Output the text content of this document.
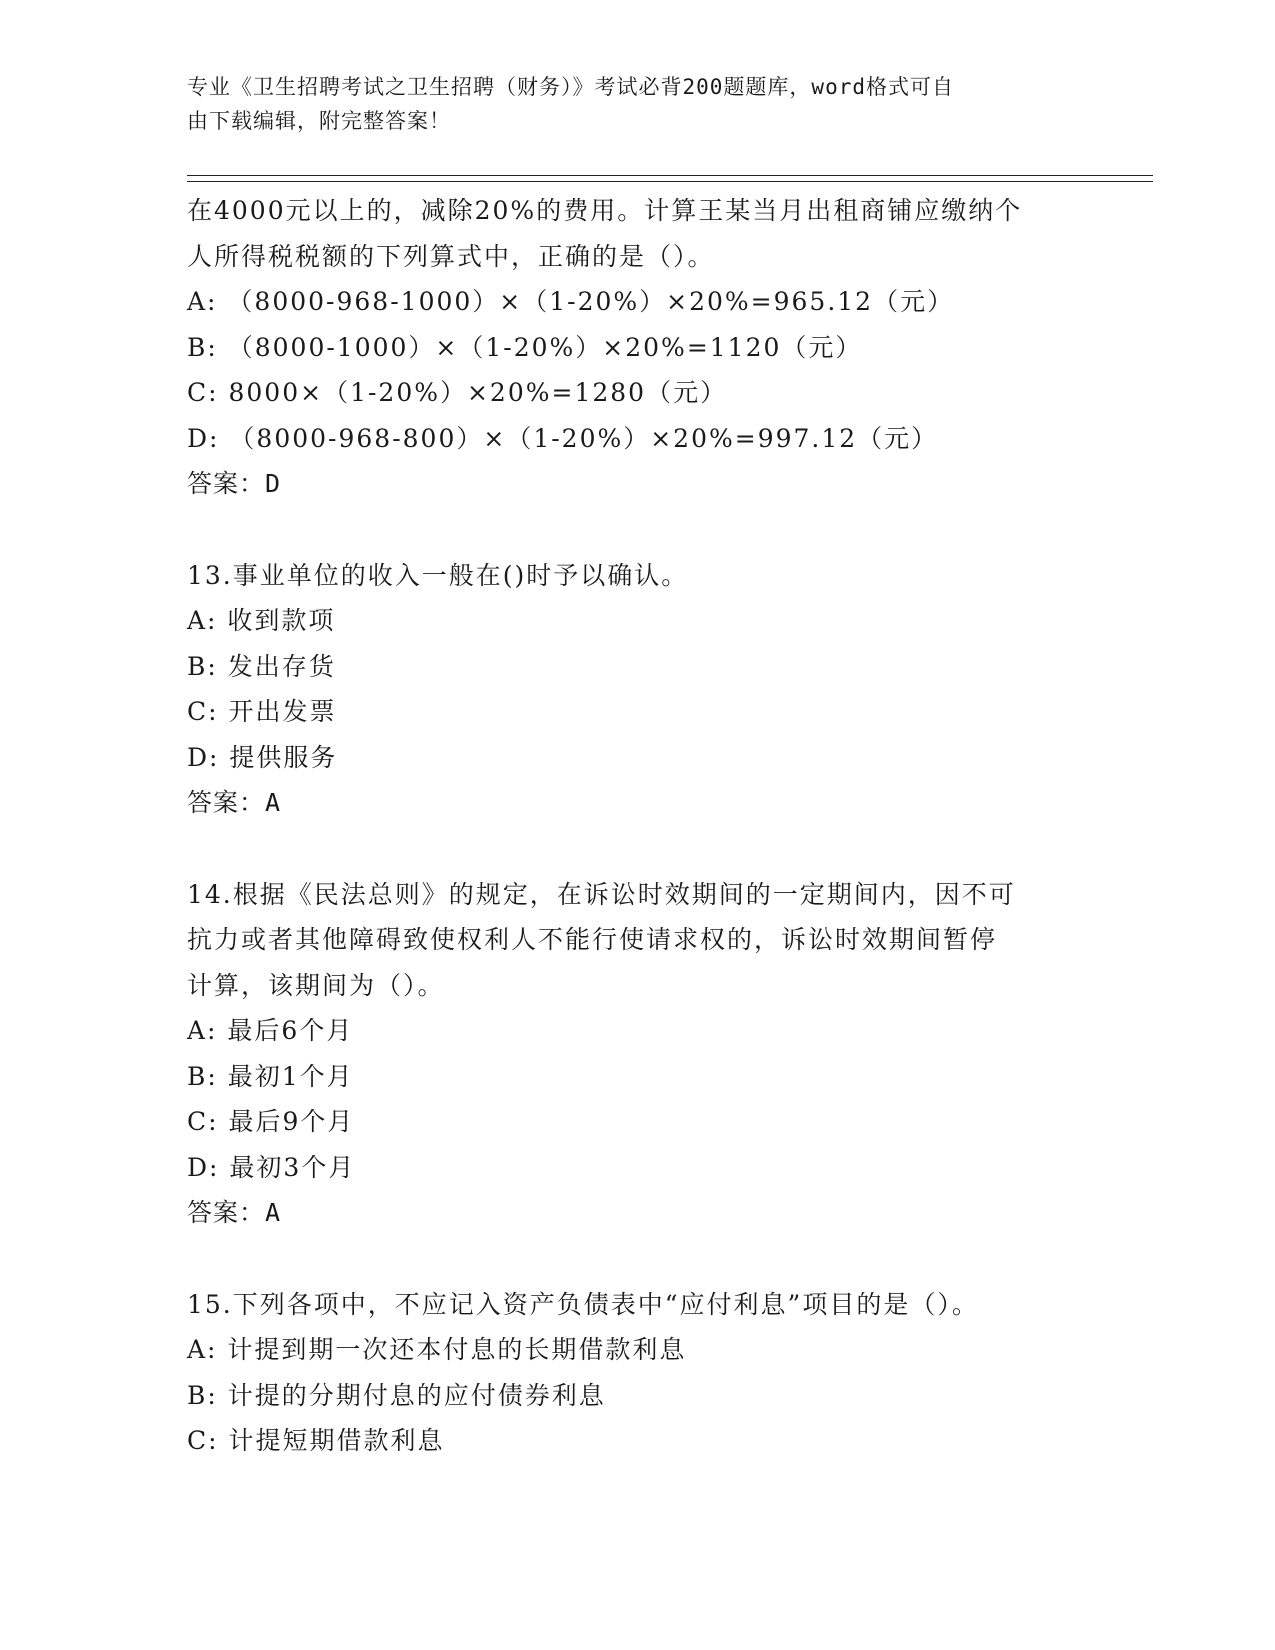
专业《卫生招聘考试之卫生招聘（财务）》考试必背200题题库，word格式可自
由下载编辑，附完整答案！
在4000元以上的，减除20%的费用。计算王某当月出租商铺应缴纳个
人所得税税额的下列算式中，正确的是（）。
A: （8000-968-1000）×（1-20%）×20%=965.12（元）
B: （8000-1000）×（1-20%）×20%=1120（元）
C: 8000×（1-20%）×20%=1280（元）
D: （8000-968-800）×（1-20%）×20%=997.12（元）
答案：D
13.事业单位的收入一般在()时予以确认。
A: 收到款项
B: 发出存货
C: 开出发票
D: 提供服务
答案：A
14.根据《民法总则》的规定，在诉讼时效期间的一定期间内，因不可
抗力或者其他障碍致使权利人不能行使请求权的，诉讼时效期间暂停
计算，该期间为（）。
A: 最后6个月
B: 最初1个月
C: 最后9个月
D: 最初3个月
答案：A
15.下列各项中，不应记入资产负债表中“应付利息”项目的是（）。
A: 计提到期一次还本付息的长期借款利息
B: 计提的分期付息的应付债券利息
C: 计提短期借款利息
